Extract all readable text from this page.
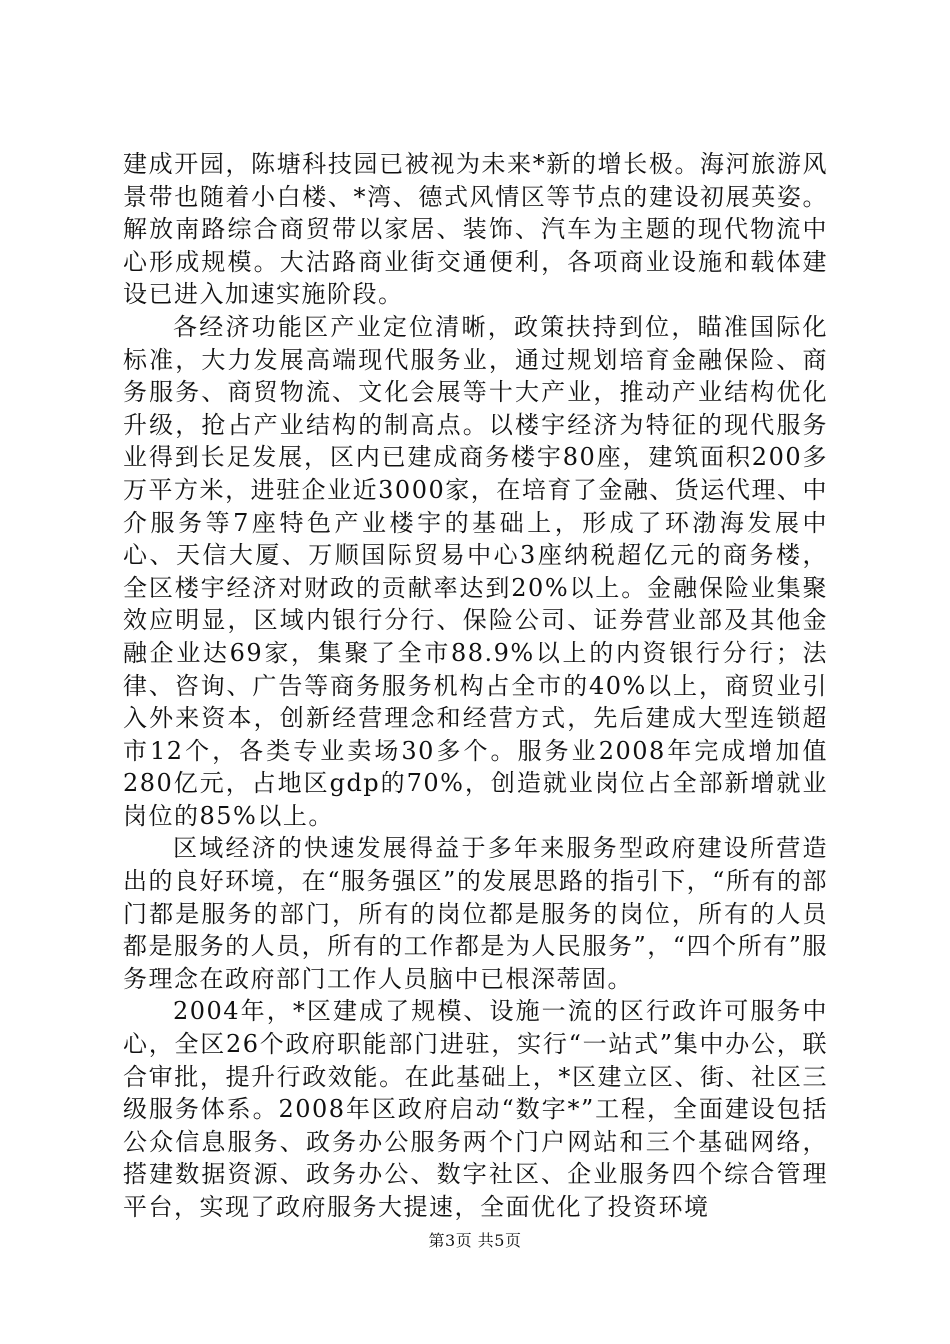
建成开园，陈塘科技园已被视为未来*新的增长极。海河旅游风景带也随着小白楼、*湾、德式风情区等节点的建设初展英姿。解放南路综合商贸带以家居、装饰、汽车为主题的现代物流中心形成规模。大沽路商业街交通便利，各项商业设施和载体建设已进入加速实施阶段。

各经济功能区产业定位清晰，政策扶持到位，瞄准国际化标准，大力发展高端现代服务业，通过规划培育金融保险、商务服务、商贸物流、文化会展等十大产业，推动产业结构优化升级，抢占产业结构的制高点。以楼宇经济为特征的现代服务业得到长足发展，区内已建成商务楼宇80座，建筑面积200多万平方米，进驻企业近3000家，在培育了金融、货运代理、中介服务等7座特色产业楼宇的基础上，形成了环渤海发展中心、天信大厦、万顺国际贸易中心3座纳税超亿元的商务楼，全区楼宇经济对财政的贡献率达到20%以上。金融保险业集聚效应明显，区域内银行分行、保险公司、证券营业部及其他金融企业达69家，集聚了全市88.9%以上的内资银行分行；法律、咨询、广告等商务服务机构占全市的40%以上，商贸业引入外来资本，创新经营理念和经营方式，先后建成大型连锁超市12个，各类专业卖场30多个。服务业2008年完成增加值280亿元，占地区gdp的70%，创造就业岗位占全部新增就业岗位的85%以上。

区域经济的快速发展得益于多年来服务型政府建设所营造出的良好环境，在“服务强区”的发展思路的指引下，“所有的部门都是服务的部门，所有的岗位都是服务的岗位，所有的人员都是服务的人员，所有的工作都是为人民服务”，“四个所有”服务理念在政府部门工作人员脑中已根深蒂固。

2004年，*区建成了规模、设施一流的区行政许可服务中心，全区26个政府职能部门进驻，实行“一站式”集中办公，联合审批，提升行政效能。在此基础上，*区建立区、街、社区三级服务体系。2008年区政府启动“数字*”工程，全面建设包括公众信息服务、政务办公服务两个门户网站和三个基础网络，搭建数据资源、政务办公、数字社区、企业服务四个综合管理平台，实现了政府服务大提速，全面优化了投资环境

第3页 共5页
